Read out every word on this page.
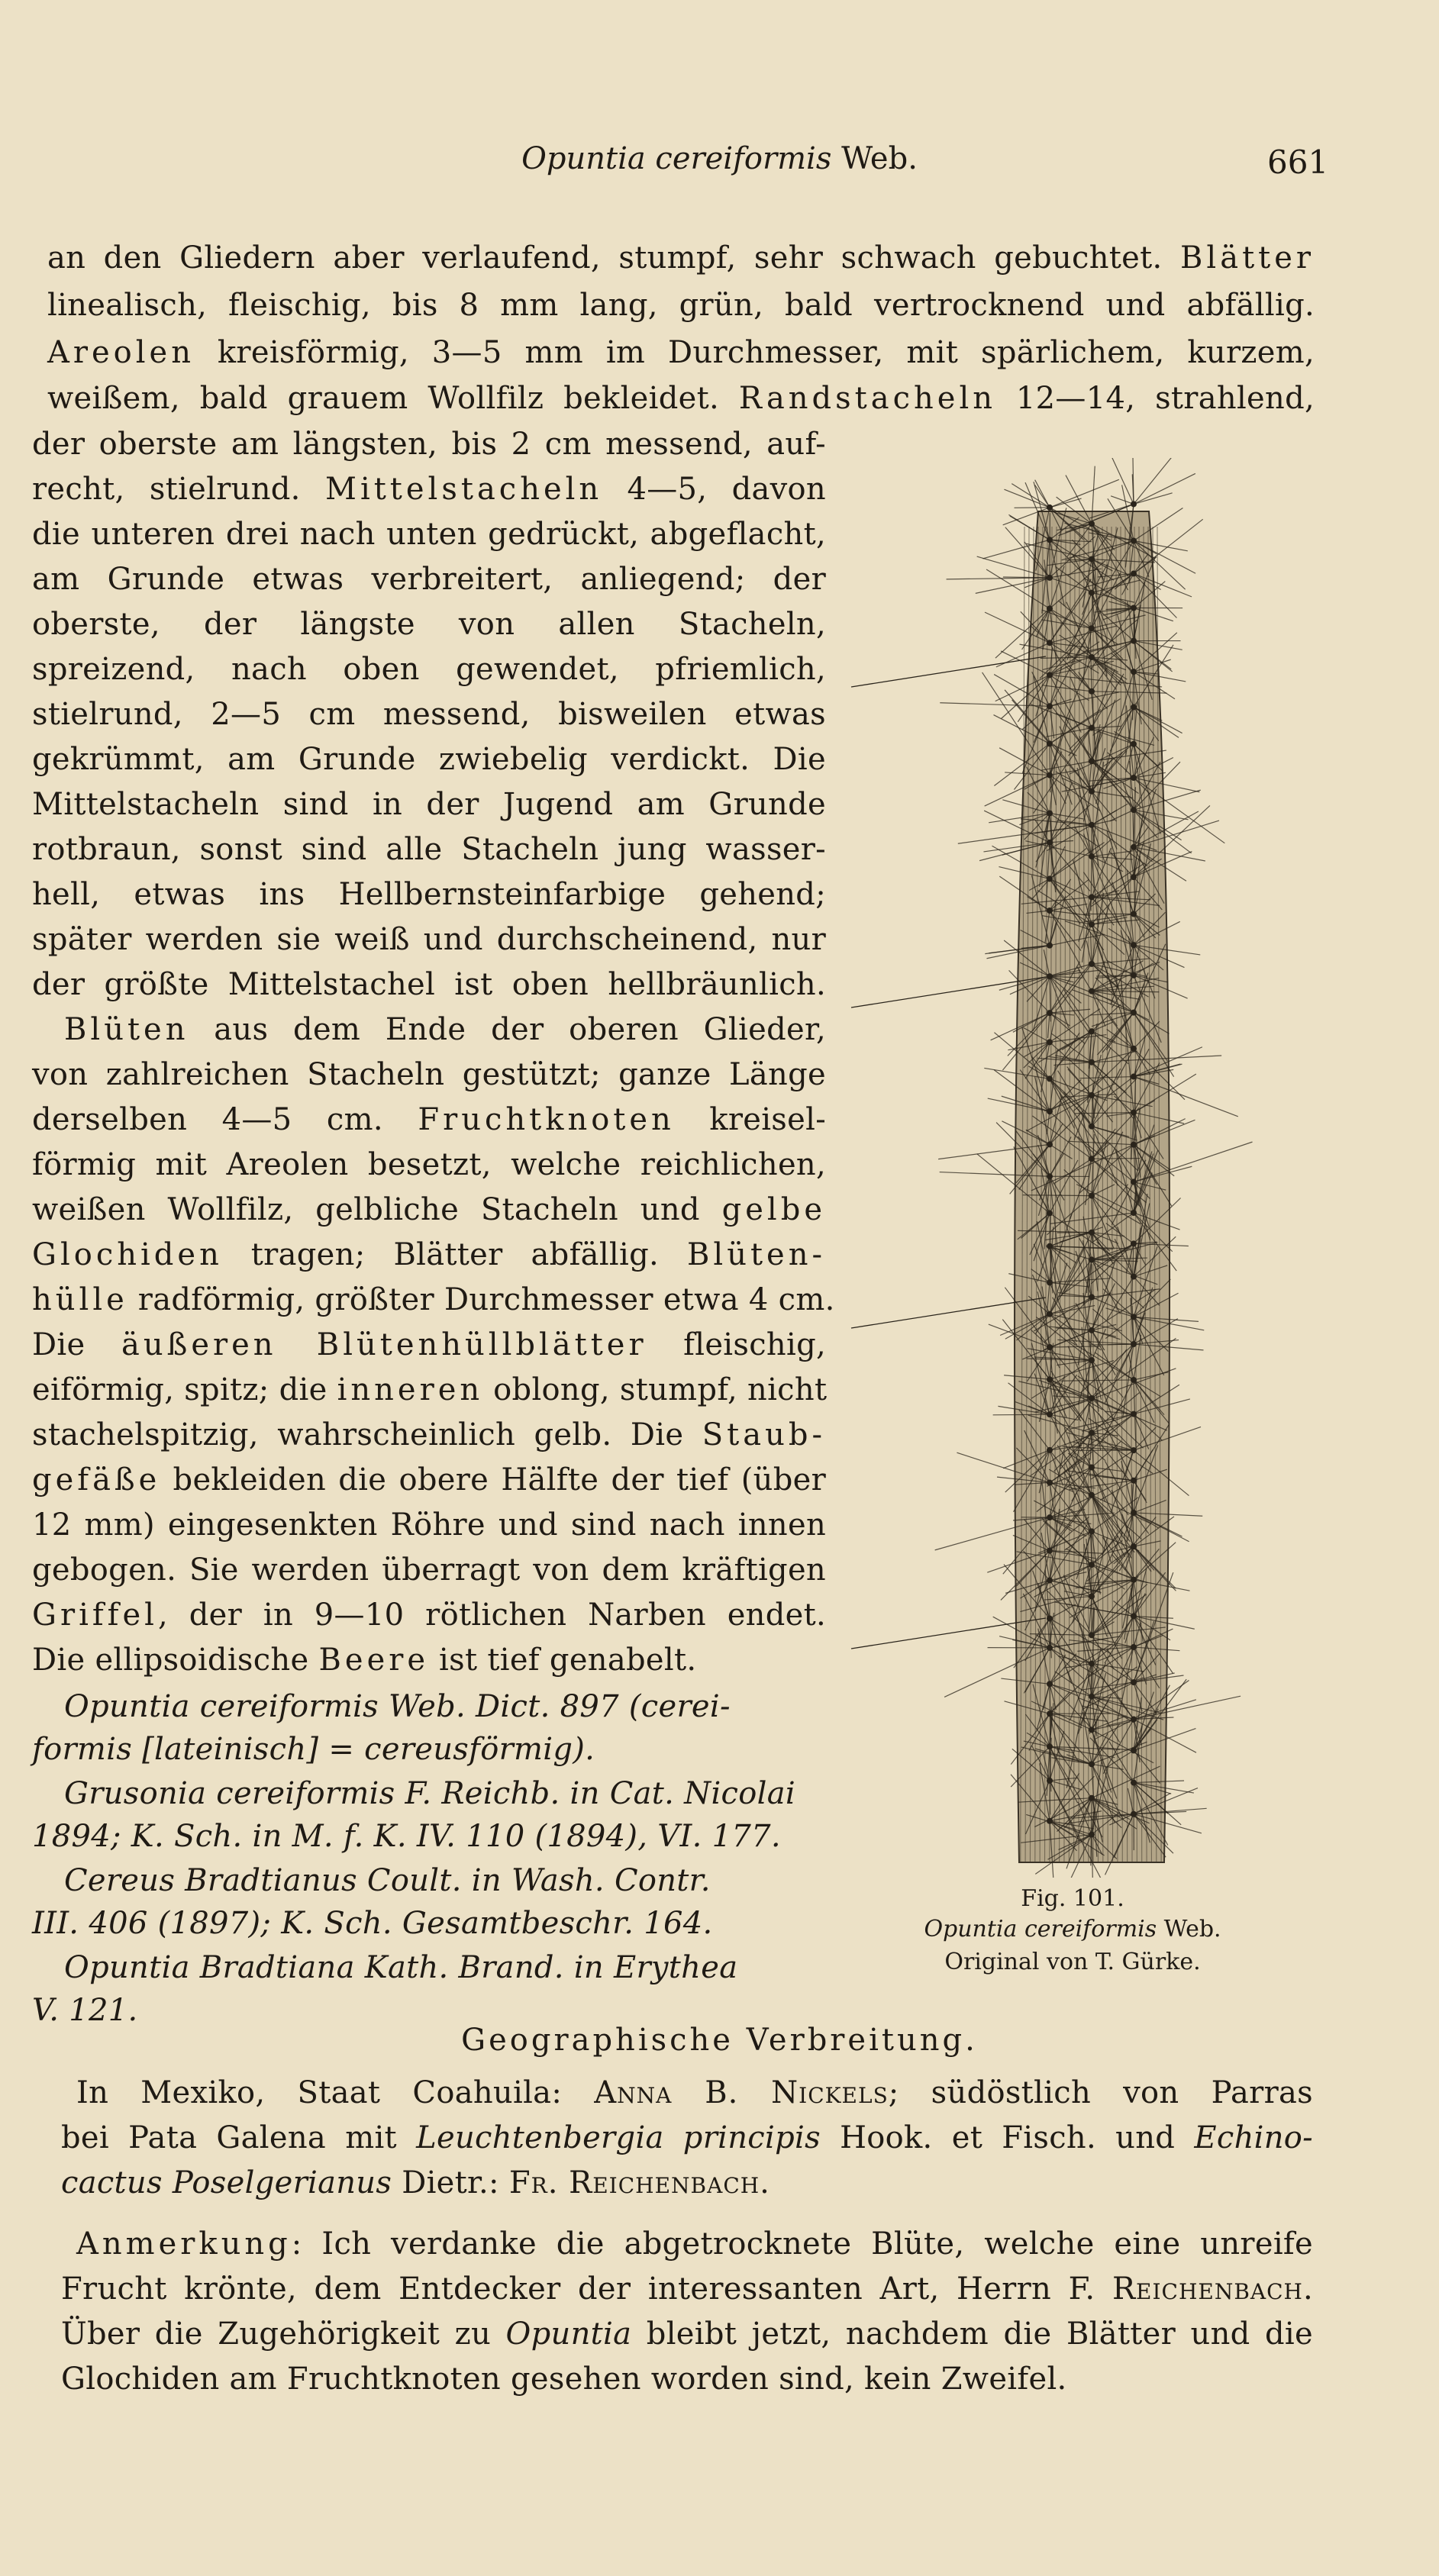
Opuntia cereiformis Web.	661
an den Gliedern aber verlaufend, stumpf, sehr schwach gebuchtet. Blätter
linealisch, fleischig, bis 8 mm lang, grün, bald vertrocknend und abfällig.
Areolen kreisförmig, 3—5 mm im Durchmesser, mit spärlichem, kurzem,
weißem, bald grauem Wollfilz bekleidet. Randstacheln 12—14, strahlend,
der oberste am längsten, bis 2 cm messend, auf-
recht, stielrund. Mittelstacheln 4—5, davon
die unteren drei nach unten gedrückt, abgeflacht,
am Grunde etwas verbreitert, anliegend; der
oberste, der längste von allen Stacheln,
spreizend, nach oben gewendet, pfriemlich,
stielrund, 2—5 cm messend, bisweilen etwas
gekrümmt, am Grunde zwiebelig verdickt. Die
Mittelstacheln sind in der Jugend am Grunde
rotbraun, sonst sind alle Stacheln jung wasser-
hell, etwas ins Hellbernsteinfarbige gehend;
später werden sie weiß und durchscheinend, nur
der größte Mittelstachel ist oben hellbräunlich.
Blüten aus dem Ende der oberen Glieder,
von zahlreichen Stacheln gestützt; ganze Länge
derselben 4—5 cm. Fruchtknoten kreisel-
förmig mit Areolen besetzt, welche reichlichen,
weißen Wollfilz, gelbliche Stacheln und gelbe
Glochiden tragen; Blätter abfällig. Blüten-
hülle radförmig, größter Durchmesser etwa 4 cm.
Die äußeren Blütenhüllblätter fleischig,
eiförmig, spitz; die inneren oblong, stumpf, nicht
stachelspitzig, wahrscheinlich gelb. Die Staub-
gefäße bekleiden die obere Hälfte der tief (über
12 mm) eingesenkten Röhre und sind nach innen
gebogen. Sie werden überragt von dem kräftigen
Griffel, der in 9—10 rötlichen Narben endet.
Die ellipsoidische Beere ist tief genabelt.
Opuntia cereiformis Web. Dict. 897 (cerei-
formis [lateinisch] = cereusförmig).
Grusonia cereiformis F. Reichb. in Cat. Nicolai
1894; K. Sch. in M. f. K. IV. 110 (1894), VI. 177.
Cereus Bradtianus Coult. in Wash. Contr.
III. 406 (1897); K. Sch. Gesamtbeschr. 164.
Opuntia Bradtiana Kath. Brand. in Erythea
V. 121.
Fig. 101.
Opuntia cereiformis Web.
Original von T. Gürke.
Geographische Verbreitung.
In Mexiko, Staat Coahuila: Anna B. Nickels; südöstlich von Parras
bei Pata Galena mit Leuchtenbergia principis Hook. et Fisch. und Echino-
cactus Poselgerianus Dietr.: Fr. Reichenbach.
Anmerkung: Ich verdanke die abgetrocknete Blüte, welche eine unreife
Frucht krönte, dem Entdecker der interessanten Art, Herrn F. Reichenbach.
Über die Zugehörigkeit zu Opuntia bleibt jetzt, nachdem die Blätter und die
Glochiden am Fruchtknoten gesehen worden sind, kein Zweifel.
